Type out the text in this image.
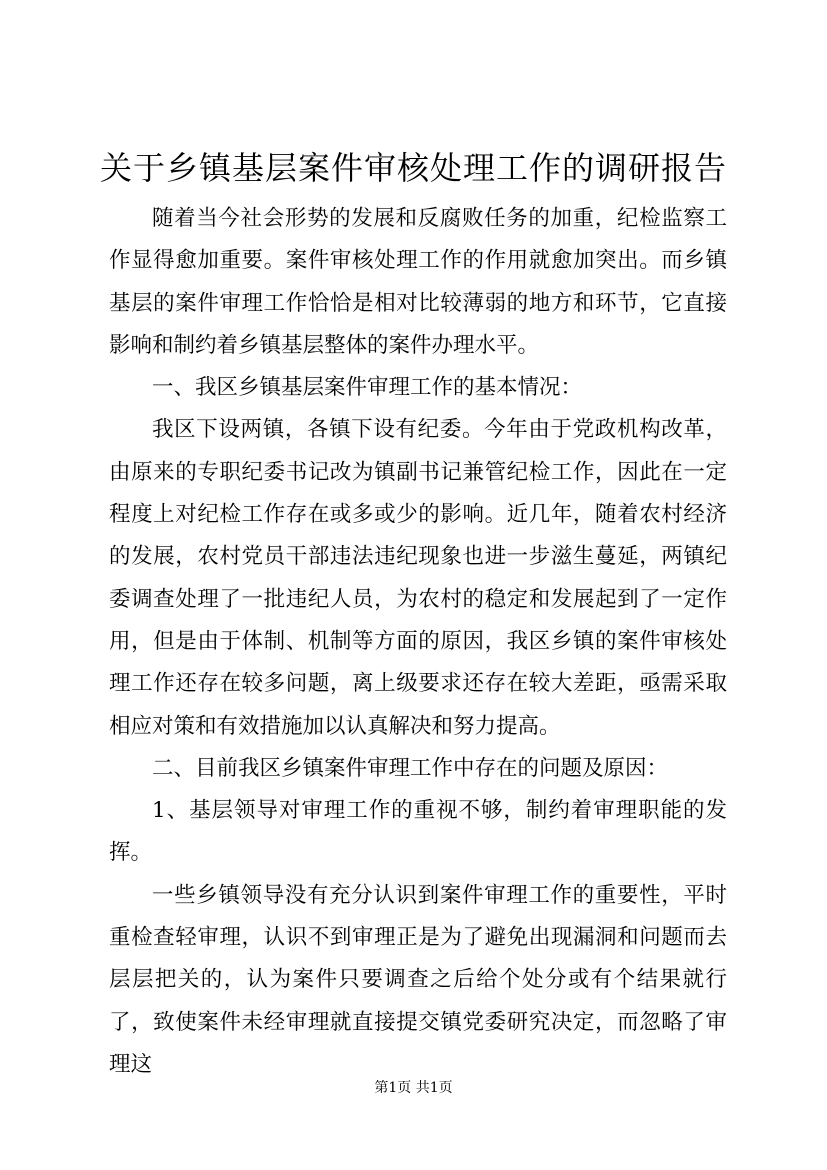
关于乡镇基层案件审核处理工作的调研报告

随着当今社会形势的发展和反腐败任务的加重，纪检监察工作显得愈加重要。案件审核处理工作的作用就愈加突出。而乡镇基层的案件审理工作恰恰是相对比较薄弱的地方和环节，它直接影响和制约着乡镇基层整体的案件办理水平。

一、我区乡镇基层案件审理工作的基本情况：

我区下设两镇，各镇下设有纪委。今年由于党政机构改革，由原来的专职纪委书记改为镇副书记兼管纪检工作，因此在一定程度上对纪检工作存在或多或少的影响。近几年，随着农村经济的发展，农村党员干部违法违纪现象也进一步滋生蔓延，两镇纪委调查处理了一批违纪人员，为农村的稳定和发展起到了一定作用，但是由于体制、机制等方面的原因，我区乡镇的案件审核处理工作还存在较多问题，离上级要求还存在较大差距，亟需采取相应对策和有效措施加以认真解决和努力提高。

二、目前我区乡镇案件审理工作中存在的问题及原因：

1、基层领导对审理工作的重视不够，制约着审理职能的发挥。

一些乡镇领导没有充分认识到案件审理工作的重要性，平时重检查轻审理，认识不到审理正是为了避免出现漏洞和问题而去层层把关的，认为案件只要调查之后给个处分或有个结果就行了，致使案件未经审理就直接提交镇党委研究决定，而忽略了审理这

第1页 共1页
